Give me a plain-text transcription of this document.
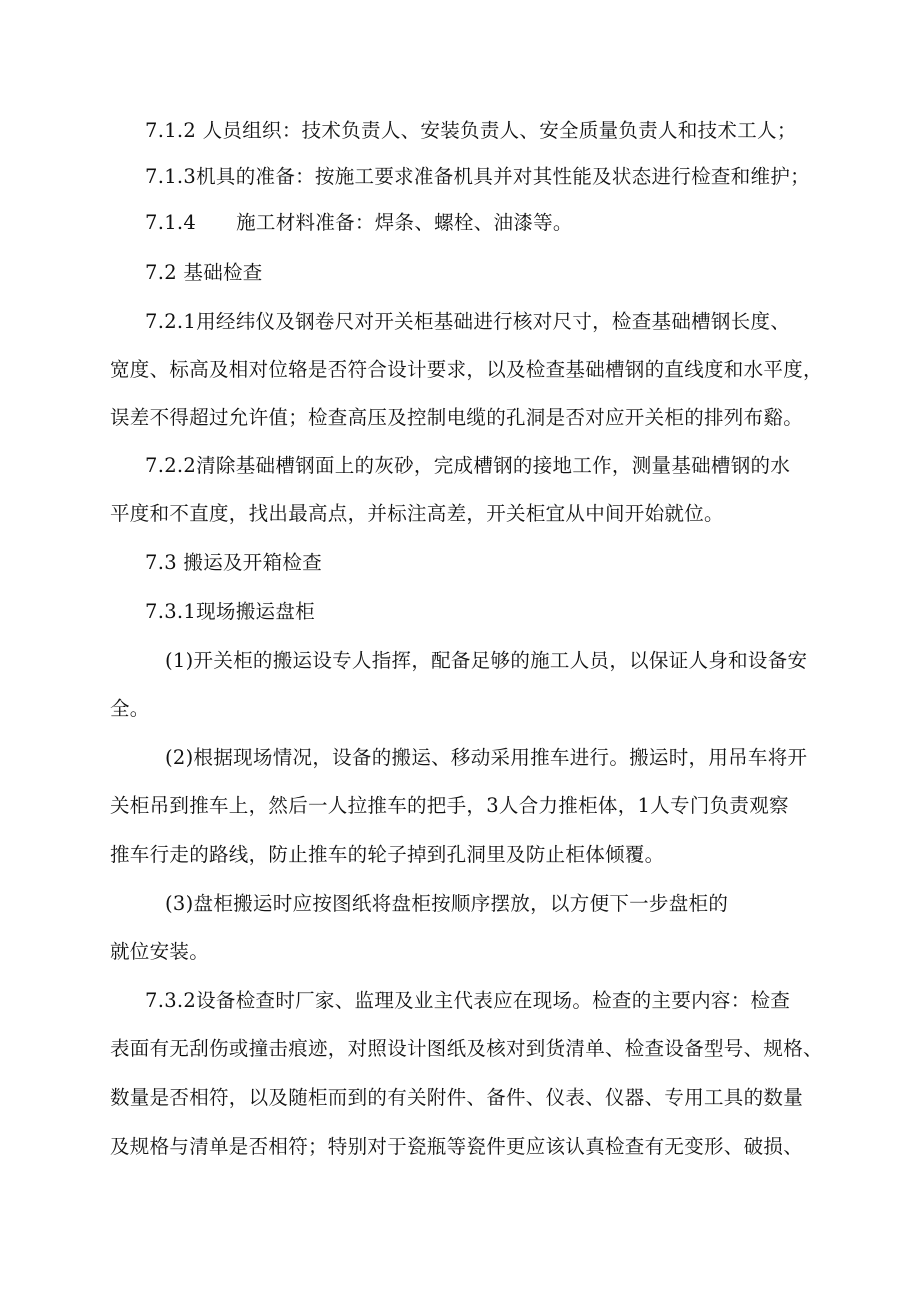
7.1.2 人员组织：技术负责人、安装负责人、安全质量负责人和技术工人；
7.1.3机具的准备：按施工要求准备机具并对其性能及状态进行检查和维护；
7.1.4 施工材料准备：焊条、螺栓、油漆等。
7.2 基础检查
7.2.1用经纬仪及钢卷尺对开关柜基础进行核对尺寸，检查基础槽钢长度、
宽度、标高及相对位辂是否符合设计要求，以及检查基础槽钢的直线度和水平度，
误差不得超过允许值；检查高压及控制电缆的孔洞是否对应开关柜的排列布谿。
7.2.2清除基础槽钢面上的灰砂，完成槽钢的接地工作，测量基础槽钢的水
平度和不直度，找出最高点，并标注高差，开关柜宜从中间开始就位。
7.3 搬运及开箱检查
7.3.1现场搬运盘柜
(1)开关柜的搬运设专人指挥，配备足够的施工人员，以保证人身和设备安
全。
(2)根据现场情况，设备的搬运、移动采用推车进行。搬运时，用吊车将开
关柜吊到推车上，然后一人拉推车的把手，3人合力推柜体，1人专门负责观察
推车行走的路线，防止推车的轮子掉到孔洞里及防止柜体倾覆。
(3)盘柜搬运时应按图纸将盘柜按顺序摆放，以方便下一步盘柜的
就位安装。
7.3.2设备检查时厂家、监理及业主代表应在现场。检查的主要内容：检查
表面有无刮伤或撞击痕迹，对照设计图纸及核对到货清单、检查设备型号、规格、
数量是否相符，以及随柜而到的有关附件、备件、仪表、仪器、专用工具的数量
及规格与清单是否相符；特别对于瓷瓶等瓷件更应该认真检查有无变形、破损、
